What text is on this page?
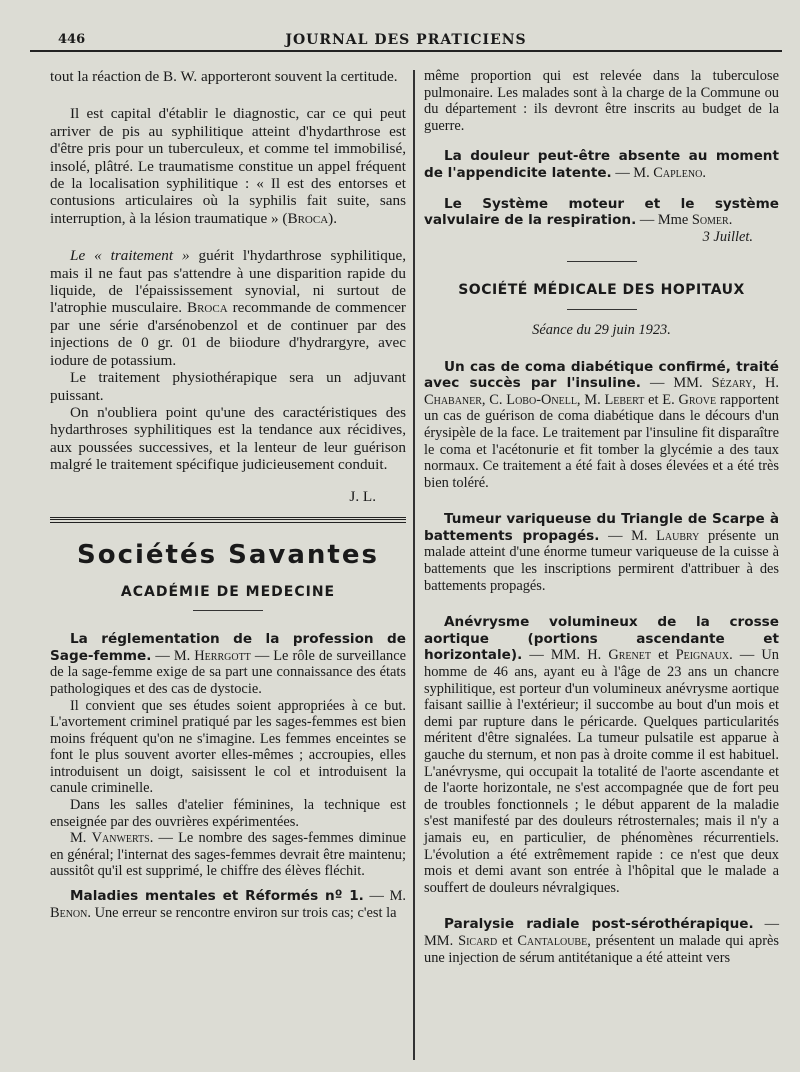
446	JOURNAL DES PRATICIENS

tout la réaction de B. W. apporteront souvent la certitude.

Il est capital d'établir le diagnostic, car ce qui peut arriver de pis au syphilitique atteint d'hydarthrose est d'être pris pour un tuberculeux, et comme tel immobilisé, insolé, plâtré. Le traumatisme constitue un appel fréquent de la localisation syphilitique : « Il est des entorses et contusions articulaires où la syphilis fait suite, sans interruption, à la lésion traumatique » (Broca).

Le « traitement » guérit l'hydarthrose syphilitique, mais il ne faut pas s'attendre à une disparition rapide du liquide, de l'épaississement synovial, ni surtout de l'atrophie musculaire. Broca recommande de commencer par une série d'arsénobenzol et de continuer par des injections de 0 gr. 01 de biiodure d'hydrargyre, avec iodure de potassium.

Le traitement physiothérapique sera un adjuvant puissant.

On n'oubliera point qu'une des caractéristiques des hydarthroses syphilitiques est la tendance aux récidives, aux poussées successives, et la lenteur de leur guérison malgré le traitement spécifique judicieusement conduit.

J. L.

Sociétés Savantes

ACADÉMIE DE MEDECINE

La réglementation de la profession de Sage-femme. — M. Herrgott — Le rôle de surveillance de la sage-femme exige de sa part une connaissance des états pathologiques et des cas de dystocie.

Il convient que ses études soient appropriées à ce but. L'avortement criminel pratiqué par les sages-femmes est bien moins fréquent qu'on ne s'imagine. Les femmes enceintes se font le plus souvent avorter elles-mêmes ; accroupies, elles introduisent un doigt, saisissent le col et introduisent la canule criminelle.

Dans les salles d'atelier féminines, la technique est enseignée par des ouvrières expérimentées.

M. Vanwerts. — Le nombre des sages-femmes diminue en général; l'internat des sages-femmes devrait être maintenu; aussitôt qu'il est supprimé, le chiffre des élèves fléchit.

Maladies mentales et Réformés nº 1. — M. Benon. Une erreur se rencontre environ sur trois cas; c'est la

même proportion qui est relevée dans la tuberculose pulmonaire. Les malades sont à la charge de la Commune ou du département : ils devront être inscrits au budget de la guerre.

La douleur peut-être absente au moment de l'appendicite latente. — M. Capleno.

Le Système moteur et le système valvulaire de la respiration. — Mme Somer.

3 Juillet.

SOCIÉTÉ MÉDICALE DES HOPITAUX

Séance du 29 juin 1923.

Un cas de coma diabétique confirmé, traité avec succès par l'insuline. — MM. Sézary, H. Chabaner, C. Lobo-Onell, M. Lebert et E. Grove rapportent un cas de guérison de coma diabétique dans le décours d'un érysipèle de la face. Le traitement par l'insuline fit disparaître le coma et l'acétonurie et fit tomber la glycémie a des taux normaux. Ce traitement a été fait à doses élevées et a été très bien toléré.

Tumeur variqueuse du Triangle de Scarpe à battements propagés. — M. Laubry présente un malade atteint d'une énorme tumeur variqueuse de la cuisse à battements que les inscriptions permirent d'attribuer à des battements propagés.

Anévrysme volumineux de la crosse aortique (portions ascendante et horizontale). — MM. H. Grenet et Peignaux. — Un homme de 46 ans, ayant eu à l'âge de 23 ans un chancre syphilitique, est porteur d'un volumineux anévrysme aortique faisant saillie à l'extérieur; il succombe au bout d'un mois et demi par rupture dans le péricarde. Quelques particularités méritent d'être signalées. La tumeur pulsatile est apparue à gauche du sternum, et non pas à droite comme il est habituel. L'anévrysme, qui occupait la totalité de l'aorte ascendante et de l'aorte horizontale, ne s'est accompagnée que de fort peu de troubles fonctionnels ; le début apparent de la maladie s'est manifesté par des douleurs rétrosternales; mais il n'y a jamais eu, en particulier, de phénomènes récurrentiels. L'évolution a été extrêmement rapide : ce n'est que deux mois et demi avant son entrée à l'hôpital que le malade a souffert de douleurs névralgiques.

Paralysie radiale post-sérothérapique. — MM. Sicard et Cantaloube, présentent un malade qui après une injection de sérum antitétanique a été atteint vers
